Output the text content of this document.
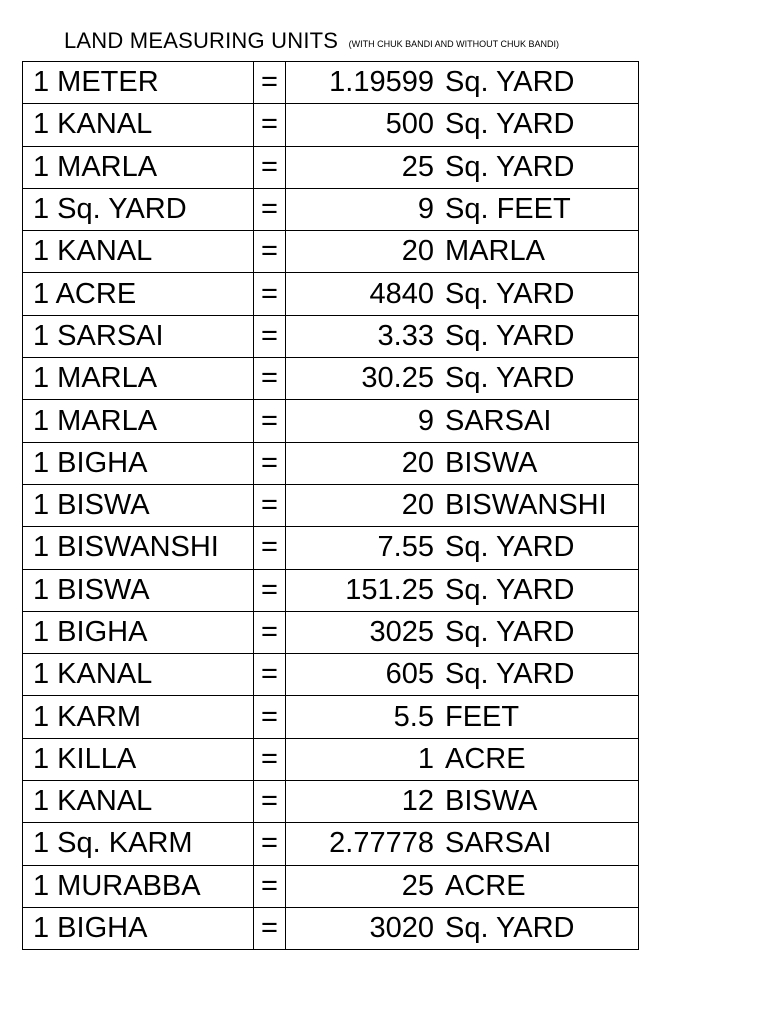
LAND MEASURING UNITS (WITH CHUK BANDI AND WITHOUT CHUK BANDI)
1 METER	=	1.19599 Sq. YARD
1 KANAL	=	500 Sq. YARD
1 MARLA	=	25 Sq. YARD
1 Sq. YARD	=	9 Sq. FEET
1 KANAL	=	20 MARLA
1 ACRE	=	4840 Sq. YARD
1 SARSAI	=	3.33 Sq. YARD
1 MARLA	=	30.25 Sq. YARD
1 MARLA	=	9 SARSAI
1 BIGHA	=	20 BISWA
1 BISWA	=	20 BISWANSHI
1 BISWANSHI	=	7.55 Sq. YARD
1 BISWA	=	151.25 Sq. YARD
1 BIGHA	=	3025 Sq. YARD
1 KANAL	=	605 Sq. YARD
1 KARM	=	5.5 FEET
1 KILLA	=	1 ACRE
1 KANAL	=	12 BISWA
1 Sq. KARM	=	2.77778 SARSAI
1 MURABBA	=	25 ACRE
1 BIGHA	=	3020 Sq. YARD
